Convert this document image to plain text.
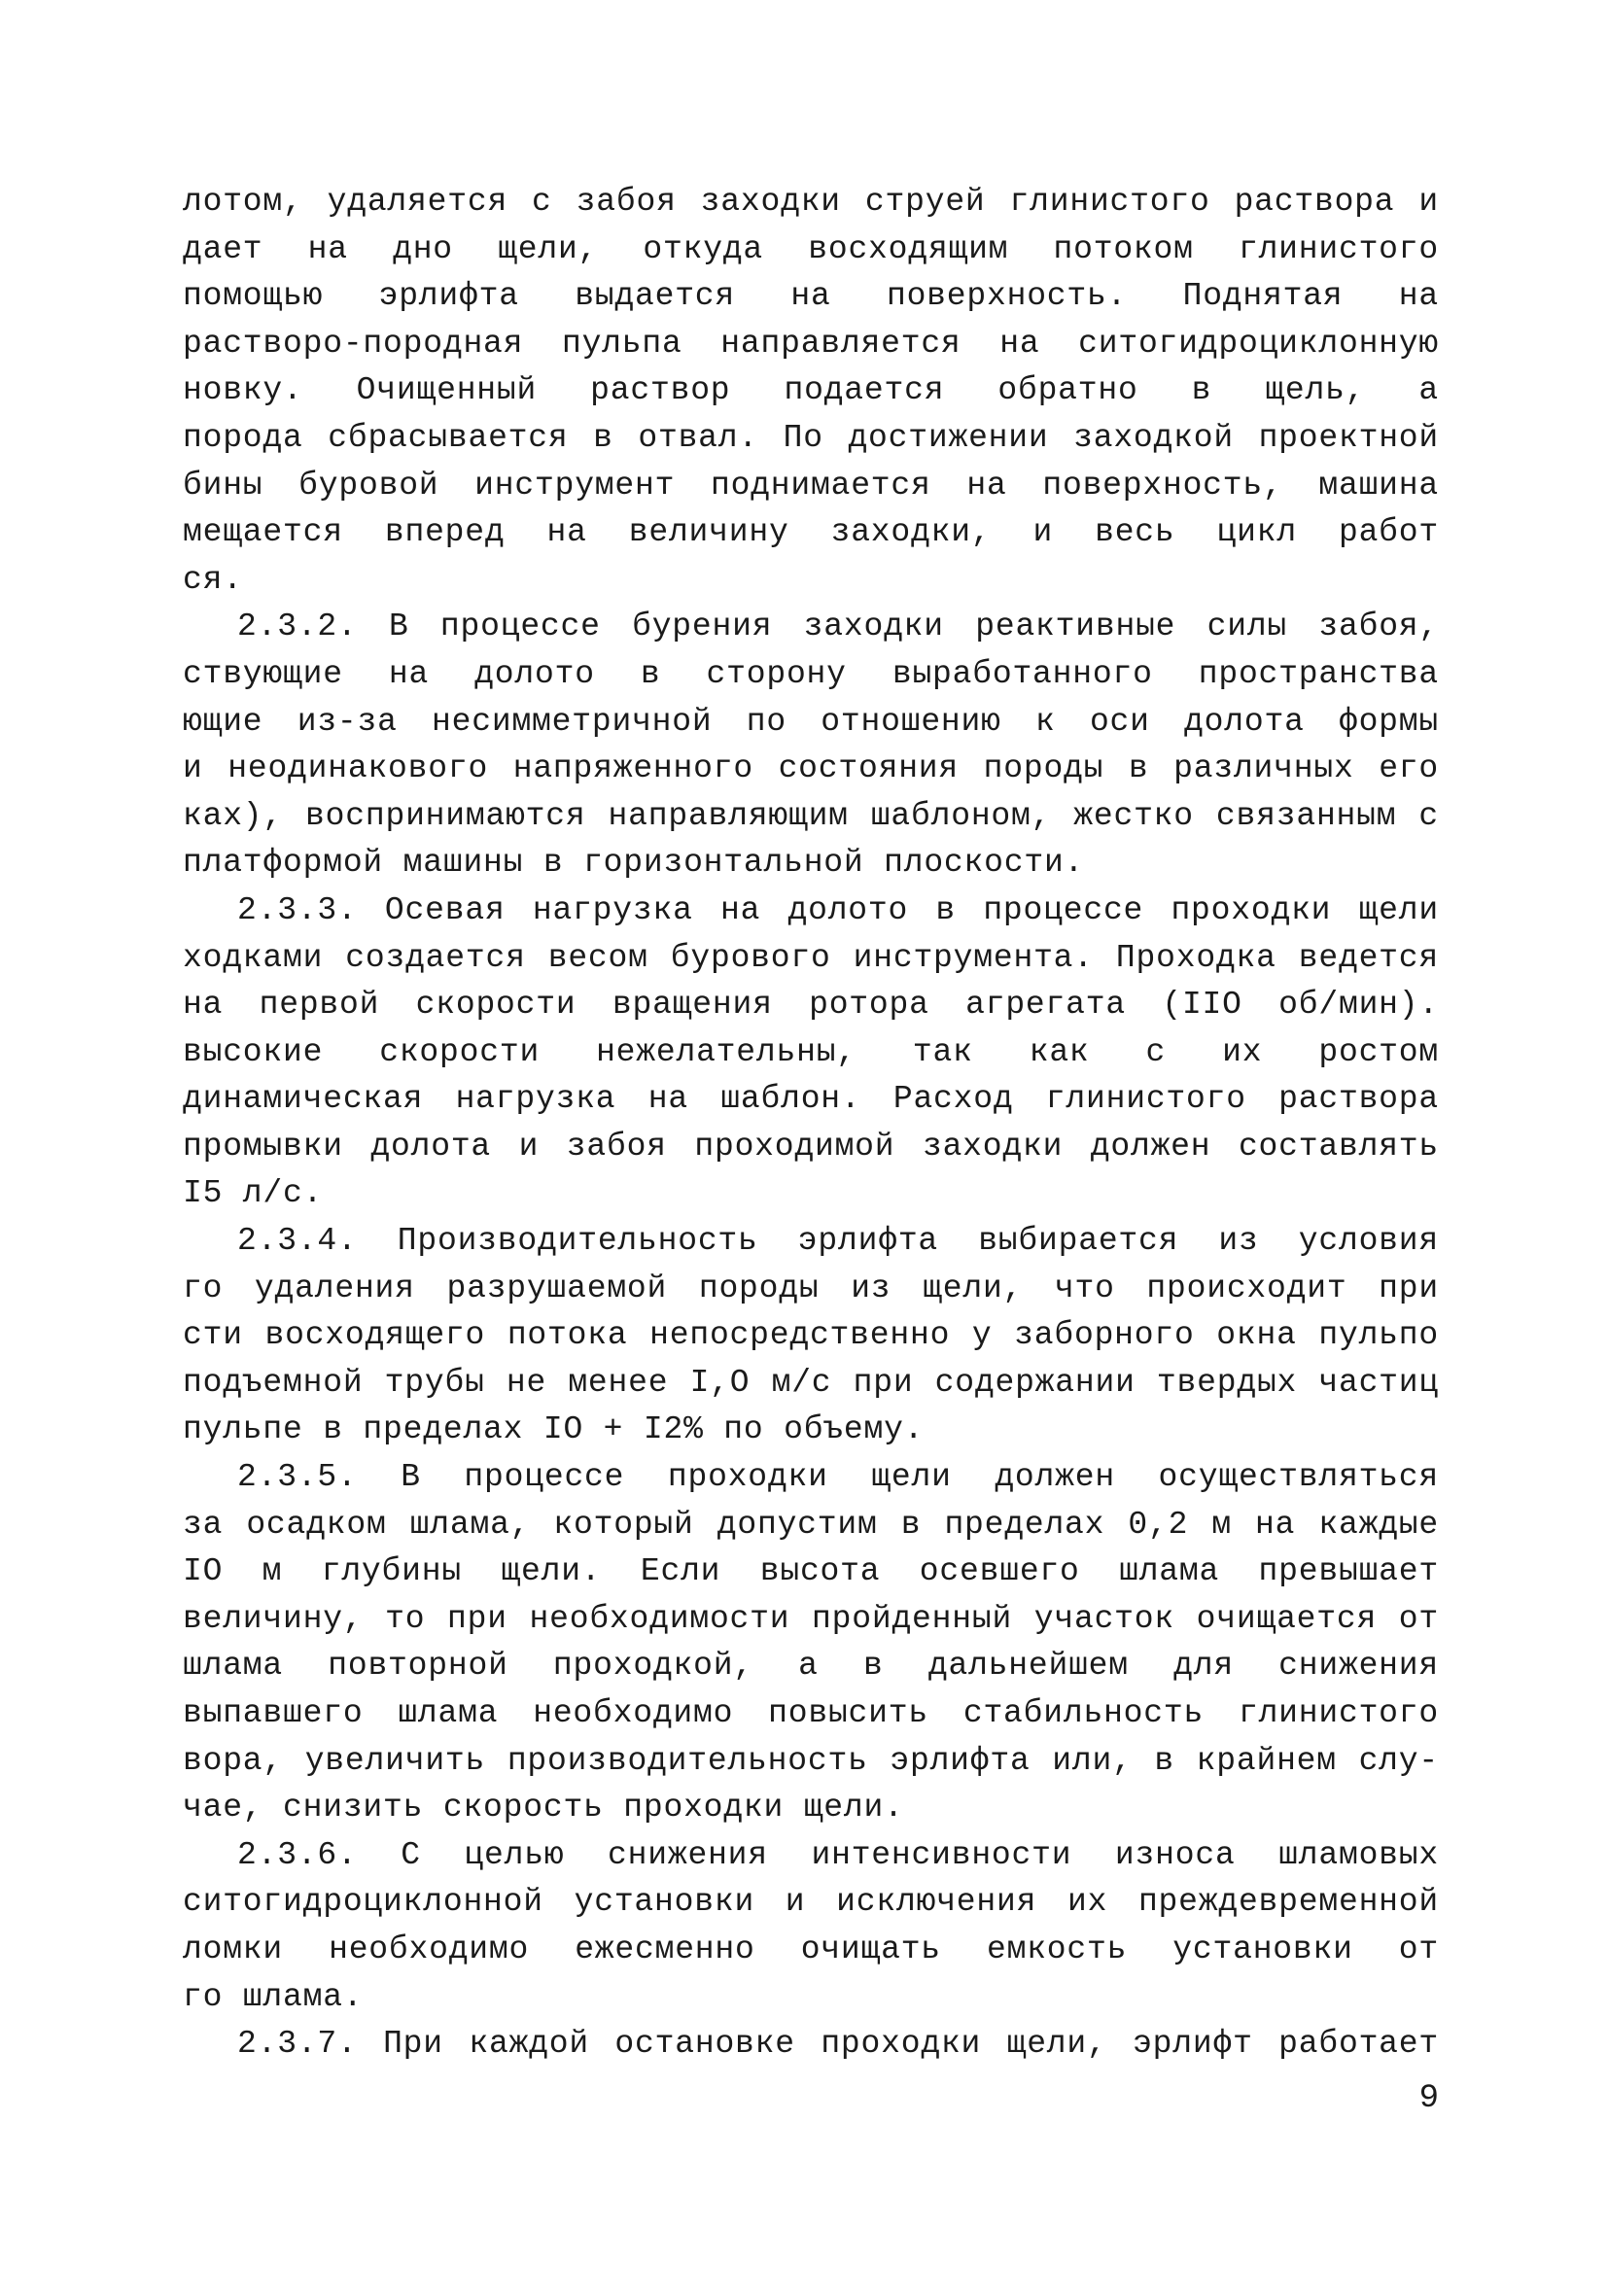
лотом, удаляется с забоя заходки струей глинистого раствора и
дает на дно щели, откуда восходящим потоком глинистого
помощью эрлифта выдается на поверхность. Поднятая на
растворо-породная пульпа направляется на ситогидроциклонную
новку. Очищенный раствор подается обратно в щель, а
порода сбрасывается в отвал. По достижении заходкой проектной
бины буровой инструмент поднимается на поверхность, машина
мещается вперед на величину заходки, и весь цикл работ
ся.
2.3.2. В процессе бурения заходки реактивные силы забоя,
ствующие на долото в сторону выработанного пространства
ющие из-за несимметричной по отношению к оси долота формы
и неодинакового напряженного состояния породы в различных его
ках), воспринимаются направляющим шаблоном, жестко связанным с
платформой машины в горизонтальной плоскости.
2.3.3. Осевая нагрузка на долото в процессе проходки щели
ходками создается весом бурового инструмента. Проходка ведется
на первой скорости вращения ротора агрегата (IIО об/мин).
высокие скорости нежелательны, так как с их ростом
динамическая нагрузка на шаблон. Расход глинистого раствора
промывки долота и забоя проходимой заходки должен составлять
I5 л/с.
2.3.4. Производительность эрлифта выбирается из условия
го удаления разрушаемой породы из щели, что происходит при
сти восходящего потока непосредственно у заборного окна пульпо
подъемной трубы не менее I,О м/с при содержании твердых частиц
пульпе в пределах IО + I2% по объему.
2.3.5. В процессе проходки щели должен осуществляться
за осадком шлама, который допустим в пределах 0,2 м на каждые
IО м глубины щели. Если высота осевшего шлама превышает
величину, то при необходимости пройденный участок очищается от
шлама повторной проходкой, а в дальнейшем для снижения
выпавшего шлама необходимо повысить стабильность глинистого
вора, увеличить производительность эрлифта или, в крайнем слу-
чае, снизить скорость проходки щели.
2.3.6. С целью снижения интенсивности износа шламовых
ситогидроциклонной установки и исключения их преждевременной
ломки необходимо ежесменно очищать емкость установки от
го шлама.
2.3.7. При каждой остановке проходки щели, эрлифт работает
9
